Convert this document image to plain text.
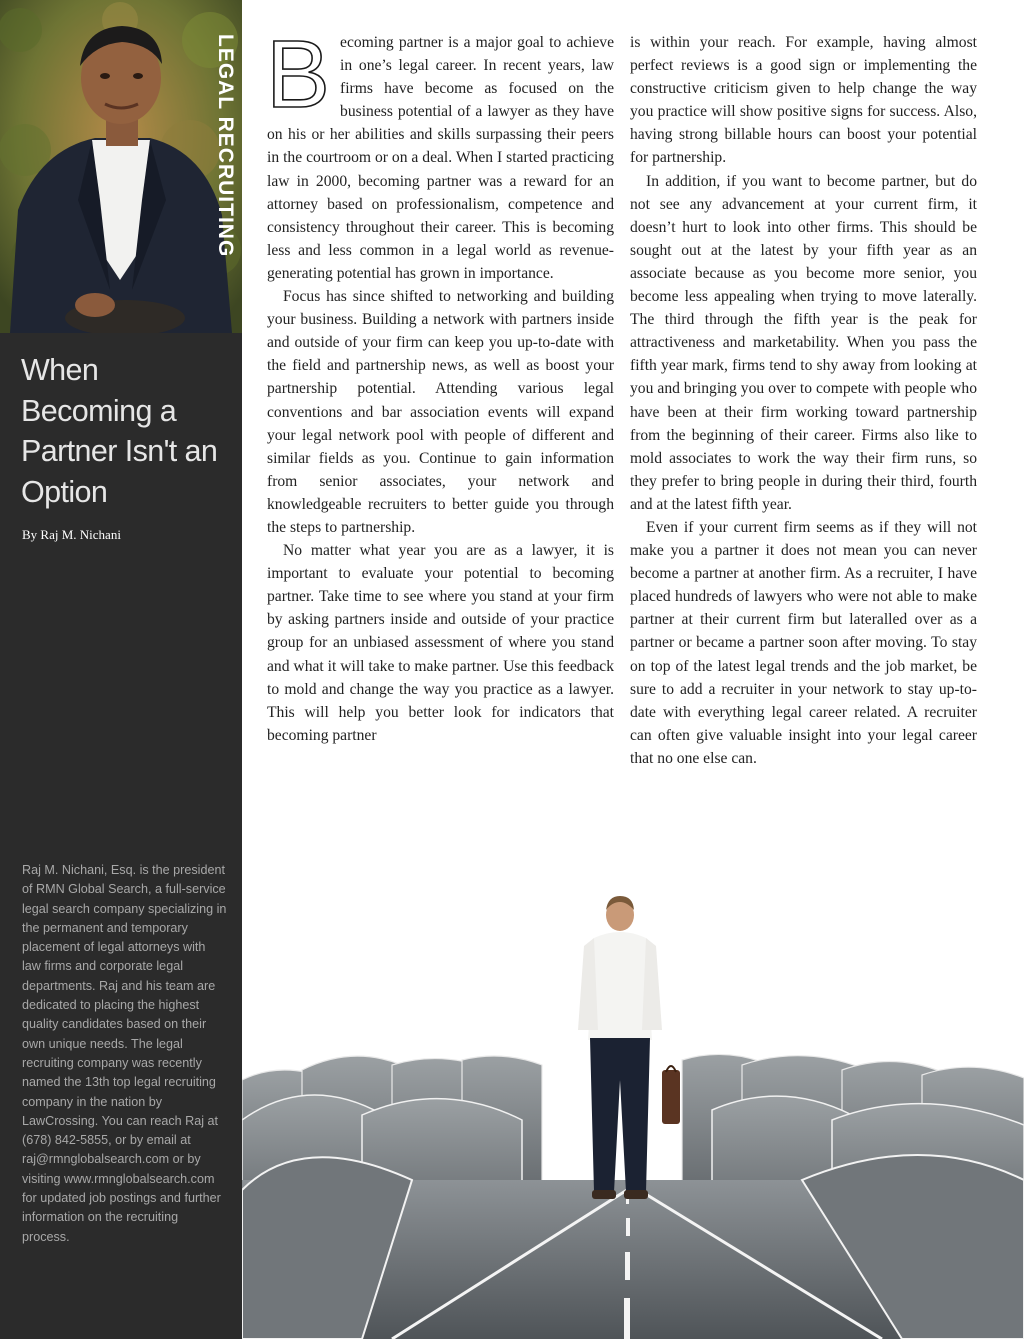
LEGAL RECRUITING
When Becoming a Partner Isn't an Option
By Raj M. Nichani

Raj M. Nichani, Esq. is the president of RMN Global Search, a full-service legal search company specializing in the permanent and temporary placement of legal attorneys with law firms and corporate legal departments. Raj and his team are dedicated to placing the highest quality candidates based on their own unique needs. The legal recruiting company was recently named the 13th top legal recruiting company in the nation by LawCrossing. You can reach Raj at (678) 842-5855, or by email at raj@rmnglobalsearch.com or by visiting www.rmnglobalsearch.com for updated job postings and further information on the recruiting process.

Becoming partner is a major goal to achieve in one’s legal career. In recent years, law firms have become as focused on the business potential of a lawyer as they have on his or her abilities and skills surpassing their peers in the courtroom or on a deal. When I started practicing law in 2000, becoming partner was a reward for an attorney based on professionalism, competence and consistency throughout their career. This is becoming less and less common in a legal world as revenue-generating potential has grown in importance.

Focus has since shifted to networking and building your business. Building a network with partners inside and outside of your firm can keep you up-to-date with the field and partnership news, as well as boost your partnership potential. Attending various legal conventions and bar association events will expand your legal network pool with people of different and similar fields as you. Continue to gain information from senior associates, your network and knowledgeable recruiters to better guide you through the steps to partnership.

No matter what year you are as a lawyer, it is important to evaluate your potential to becoming partner. Take time to see where you stand at your firm by asking partners inside and outside of your practice group for an unbiased assessment of where you stand and what it will take to make partner. Use this feedback to mold and change the way you practice as a lawyer. This will help you better look for indicators that becoming partner

is within your reach. For example, having almost perfect reviews is a good sign or implementing the constructive criticism given to help change the way you practice will show positive signs for success. Also, having strong billable hours can boost your potential for partnership.

In addition, if you want to become partner, but do not see any advancement at your current firm, it doesn’t hurt to look into other firms. This should be sought out at the latest by your fifth year as an associate because as you become more senior, you become less appealing when trying to move laterally. The third through the fifth year is the peak for attractiveness and marketability. When you pass the fifth year mark, firms tend to shy away from looking at you and bringing you over to compete with people who have been at their firm working toward partnership from the beginning of their career. Firms also like to mold associates to work the way their firm runs, so they prefer to bring people in during their third, fourth and at the latest fifth year.

Even if your current firm seems as if they will not make you a partner it does not mean you can never become a partner at another firm. As a recruiter, I have placed hundreds of lawyers who were not able to make partner at their current firm but lateralled over as a partner or became a partner soon after moving. To stay on top of the latest legal trends and the job market, be sure to add a recruiter in your network to stay up-to-date with everything legal career related. A recruiter can often give valuable insight into your legal career that no one else can.
